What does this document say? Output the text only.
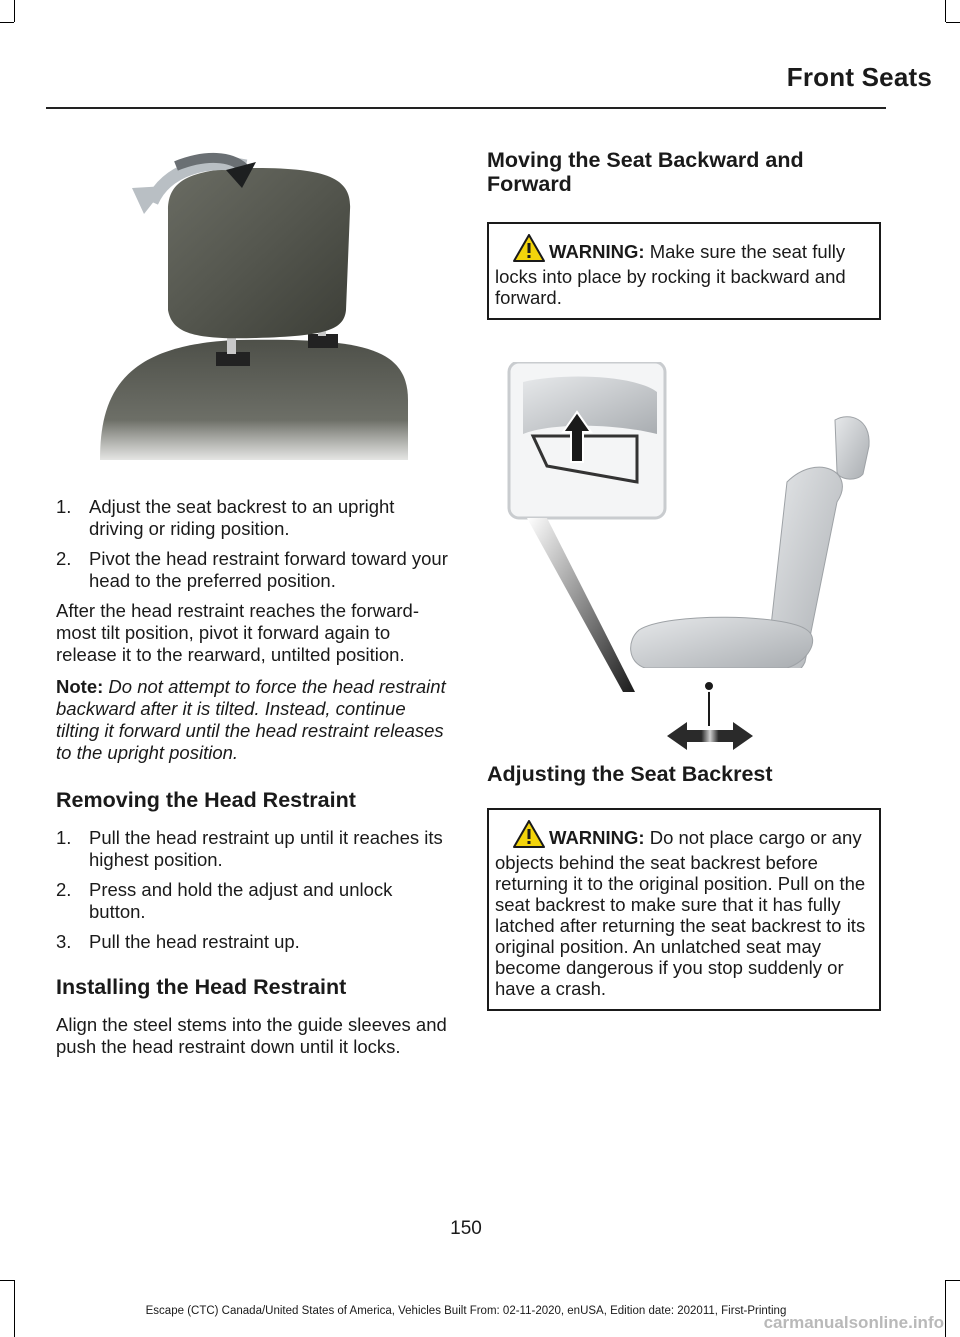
Front Seats
1. Adjust the seat backrest to an upright driving or riding position.
2. Pivot the head restraint forward toward your head to the preferred position.

After the head restraint reaches the forward-most tilt position, pivot it forward again to release it to the rearward, untilted position.

Note: Do not attempt to force the head restraint backward after it is tilted. Instead, continue tilting it forward until the head restraint releases to the upright position.

Removing the Head Restraint
1. Pull the head restraint up until it reaches its highest position.
2. Press and hold the adjust and unlock button.
3. Pull the head restraint up.
Installing the Head Restraint

Align the steel stems into the guide sleeves and push the head restraint down until it locks.

Moving the Seat Backward and Forward
WARNING: Make sure the seat fully locks into place by rocking it backward and forward.
Adjusting the Seat Backrest
WARNING: Do not place cargo or any objects behind the seat backrest before returning it to the original position. Pull on the seat backrest to make sure that it has fully latched after returning the seat backrest to its original position. An unlatched seat may become dangerous if you stop suddenly or have a crash.
150
Escape (CTC) Canada/United States of America, Vehicles Built From: 02-11-2020, enUSA, Edition date: 202011, First-Printing
carmanualsonline.info
